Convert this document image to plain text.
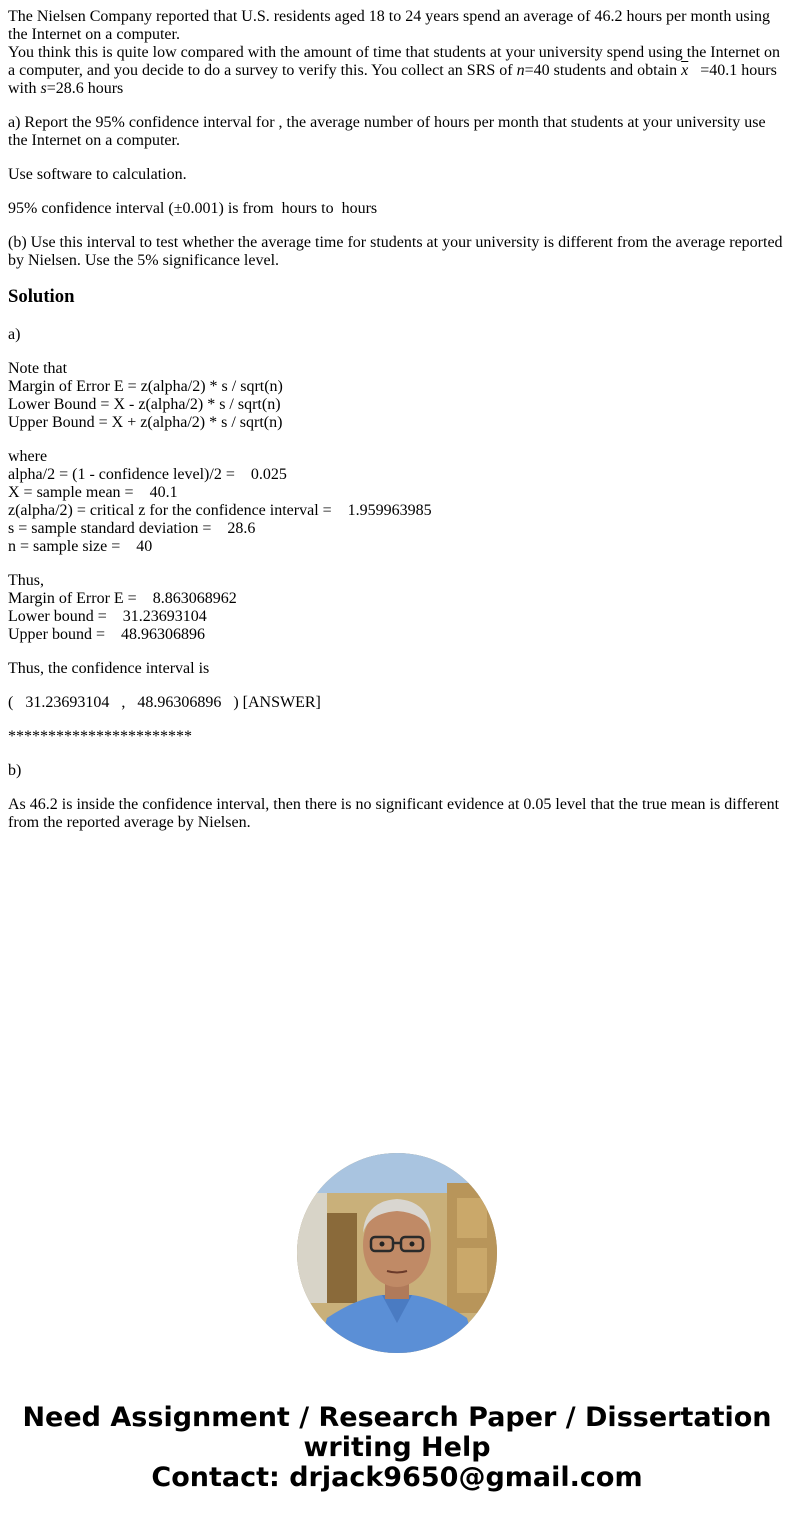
The Nielsen Company reported that U.S. residents aged 18 to 24 years spend an average of 46.2 hours per month using the Internet on a computer.
You think this is quite low compared with the amount of time that students at your university spend using the Internet on a computer, and you decide to do a survey to verify this. You collect an SRS of n=40 students and obtain $\overline{x}​ =40.1$ hours with s=28.6 hours

a) Report the 95% confidence interval for , the average number of hours per month that students at your university use the Internet on a computer.

Use software to calculation.

95% confidence interval (±0.001) is from  hours to  hours

(b) Use this interval to test whether the average time for students at your university is different from the average reported by Nielsen. Use the 5% significance level.

Solution

a)

Note that
Margin of Error E = z(alpha/2) * s / sqrt(n)
Lower Bound = X - z(alpha/2) * s / sqrt(n)
Upper Bound = X + z(alpha/2) * s / sqrt(n)

where
alpha/2 = (1 - confidence level)/2 =    0.025
X = sample mean =    40.1
z(alpha/2) = critical z for the confidence interval =    1.959963985
s = sample standard deviation =    28.6
n = sample size =    40

Thus,
Margin of Error E =    8.863068962
Lower bound =    31.23693104
Upper bound =    48.96306896

Thus, the confidence interval is

(   31.23693104   ,   48.96306896   ) [ANSWER]

***********************

b)

As 46.2 is inside the confidence interval, then there is no significant evidence at 0.05 level that the true mean is different from the reported average by Nielsen.

Need Assignment / Research Paper / Dissertation
writing Help
Contact: drjack9650@gmail.com
